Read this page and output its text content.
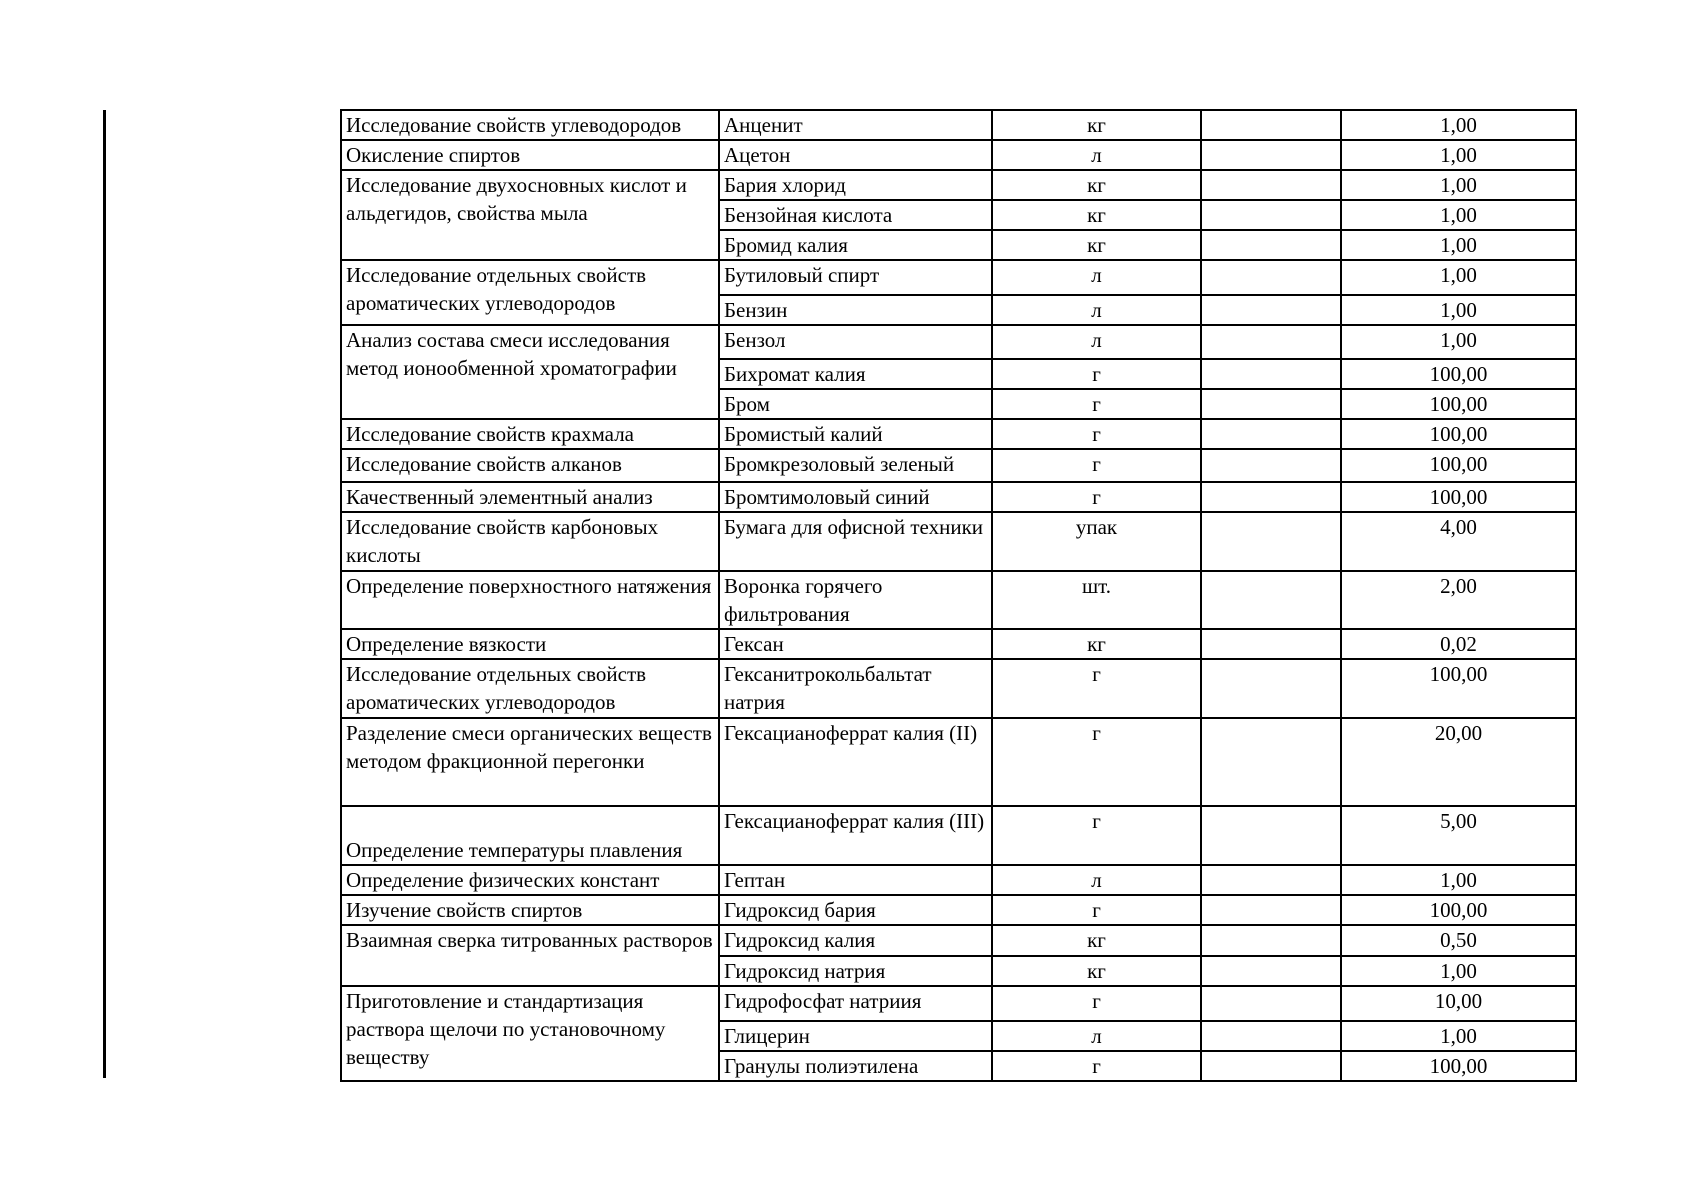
Исследование свойств углеводородов	Анценит	кг		1,00
Окисление спиртов	Ацетон	л		1,00
Исследование двухосновных кислот и альдегидов, свойства мыла	Бария хлорид	кг		1,00
	Бензойная кислота	кг		1,00
	Бромид калия	кг		1,00
Исследование отдельных свойств ароматических углеводородов	Бутиловый спирт	л		1,00
	Бензин	л		1,00
Анализ состава смеси исследования метод ионообменной хроматографии	Бензол	л		1,00
	Бихромат калия	г		100,00
	Бром	г		100,00
Исследование свойств крахмала	Бромистый калий	г		100,00
Исследование свойств алканов	Бромкрезоловый зеленый	г		100,00
Качественный элементный анализ	Бромтимоловый синий	г		100,00
Исследование свойств карбоновых кислоты	Бумага для офисной техники	упак		4,00
Определение поверхностного натяжения	Воронка горячего фильтрования	шт.		2,00
Определение вязкости	Гексан	кг		0,02
Исследование отдельных свойств ароматических углеводородов	Гексанитрокольбальтат натрия	г		100,00
Разделение смеси органических веществ методом фракционной перегонки	Гексацианоферрат калия (II)	г		20,00
Определение температуры плавления	Гексацианоферрат калия (III)	г		5,00
Определение физических констант	Гептан	л		1,00
Изучение свойств спиртов	Гидроксид бария	г		100,00
Взаимная сверка титрованных растворов	Гидроксид калия	кг		0,50
	Гидроксид натрия	кг		1,00
Приготовление и стандартизация раствора щелочи по установочному веществу	Гидрофосфат натриия	г		10,00
	Глицерин	л		1,00
	Гранулы полиэтилена	г		100,00
